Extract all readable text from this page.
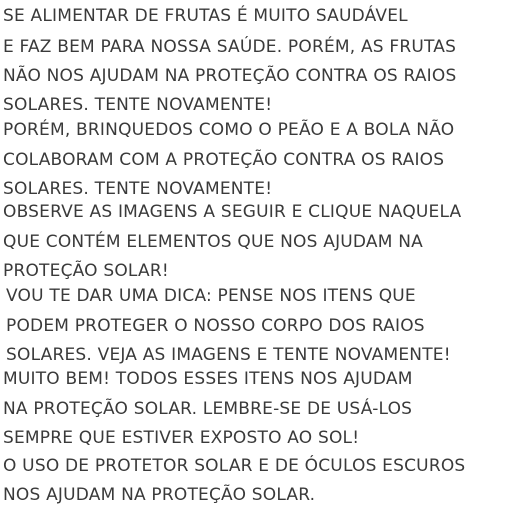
SE ALIMENTAR DE FRUTAS É MUITO SAUDÁVEL

E FAZ BEM PARA NOSSA SAÚDE. PORÉM, AS FRUTAS

NÃO NOS AJUDAM NA PROTEÇÃO CONTRA OS RAIOS

SOLARES. TENTE NOVAMENTE!

PORÉM, BRINQUEDOS COMO O PEÃO E A BOLA NÃO

COLABORAM COM A PROTEÇÃO CONTRA OS RAIOS

SOLARES. TENTE NOVAMENTE!

OBSERVE AS IMAGENS A SEGUIR E CLIQUE NAQUELA

QUE CONTÉM ELEMENTOS QUE NOS AJUDAM NA

PROTEÇÃO SOLAR!

VOU TE DAR UMA DICA: PENSE NOS ITENS QUE

PODEM PROTEGER O NOSSO CORPO DOS RAIOS

SOLARES. VEJA AS IMAGENS E TENTE NOVAMENTE!

MUITO BEM! TODOS ESSES ITENS NOS AJUDAM

NA PROTEÇÃO SOLAR. LEMBRE-SE DE USÁ-LOS

SEMPRE QUE ESTIVER EXPOSTO AO SOL!

O USO DE PROTETOR SOLAR E DE ÓCULOS ESCUROS

NOS AJUDAM NA PROTEÇÃO SOLAR.
